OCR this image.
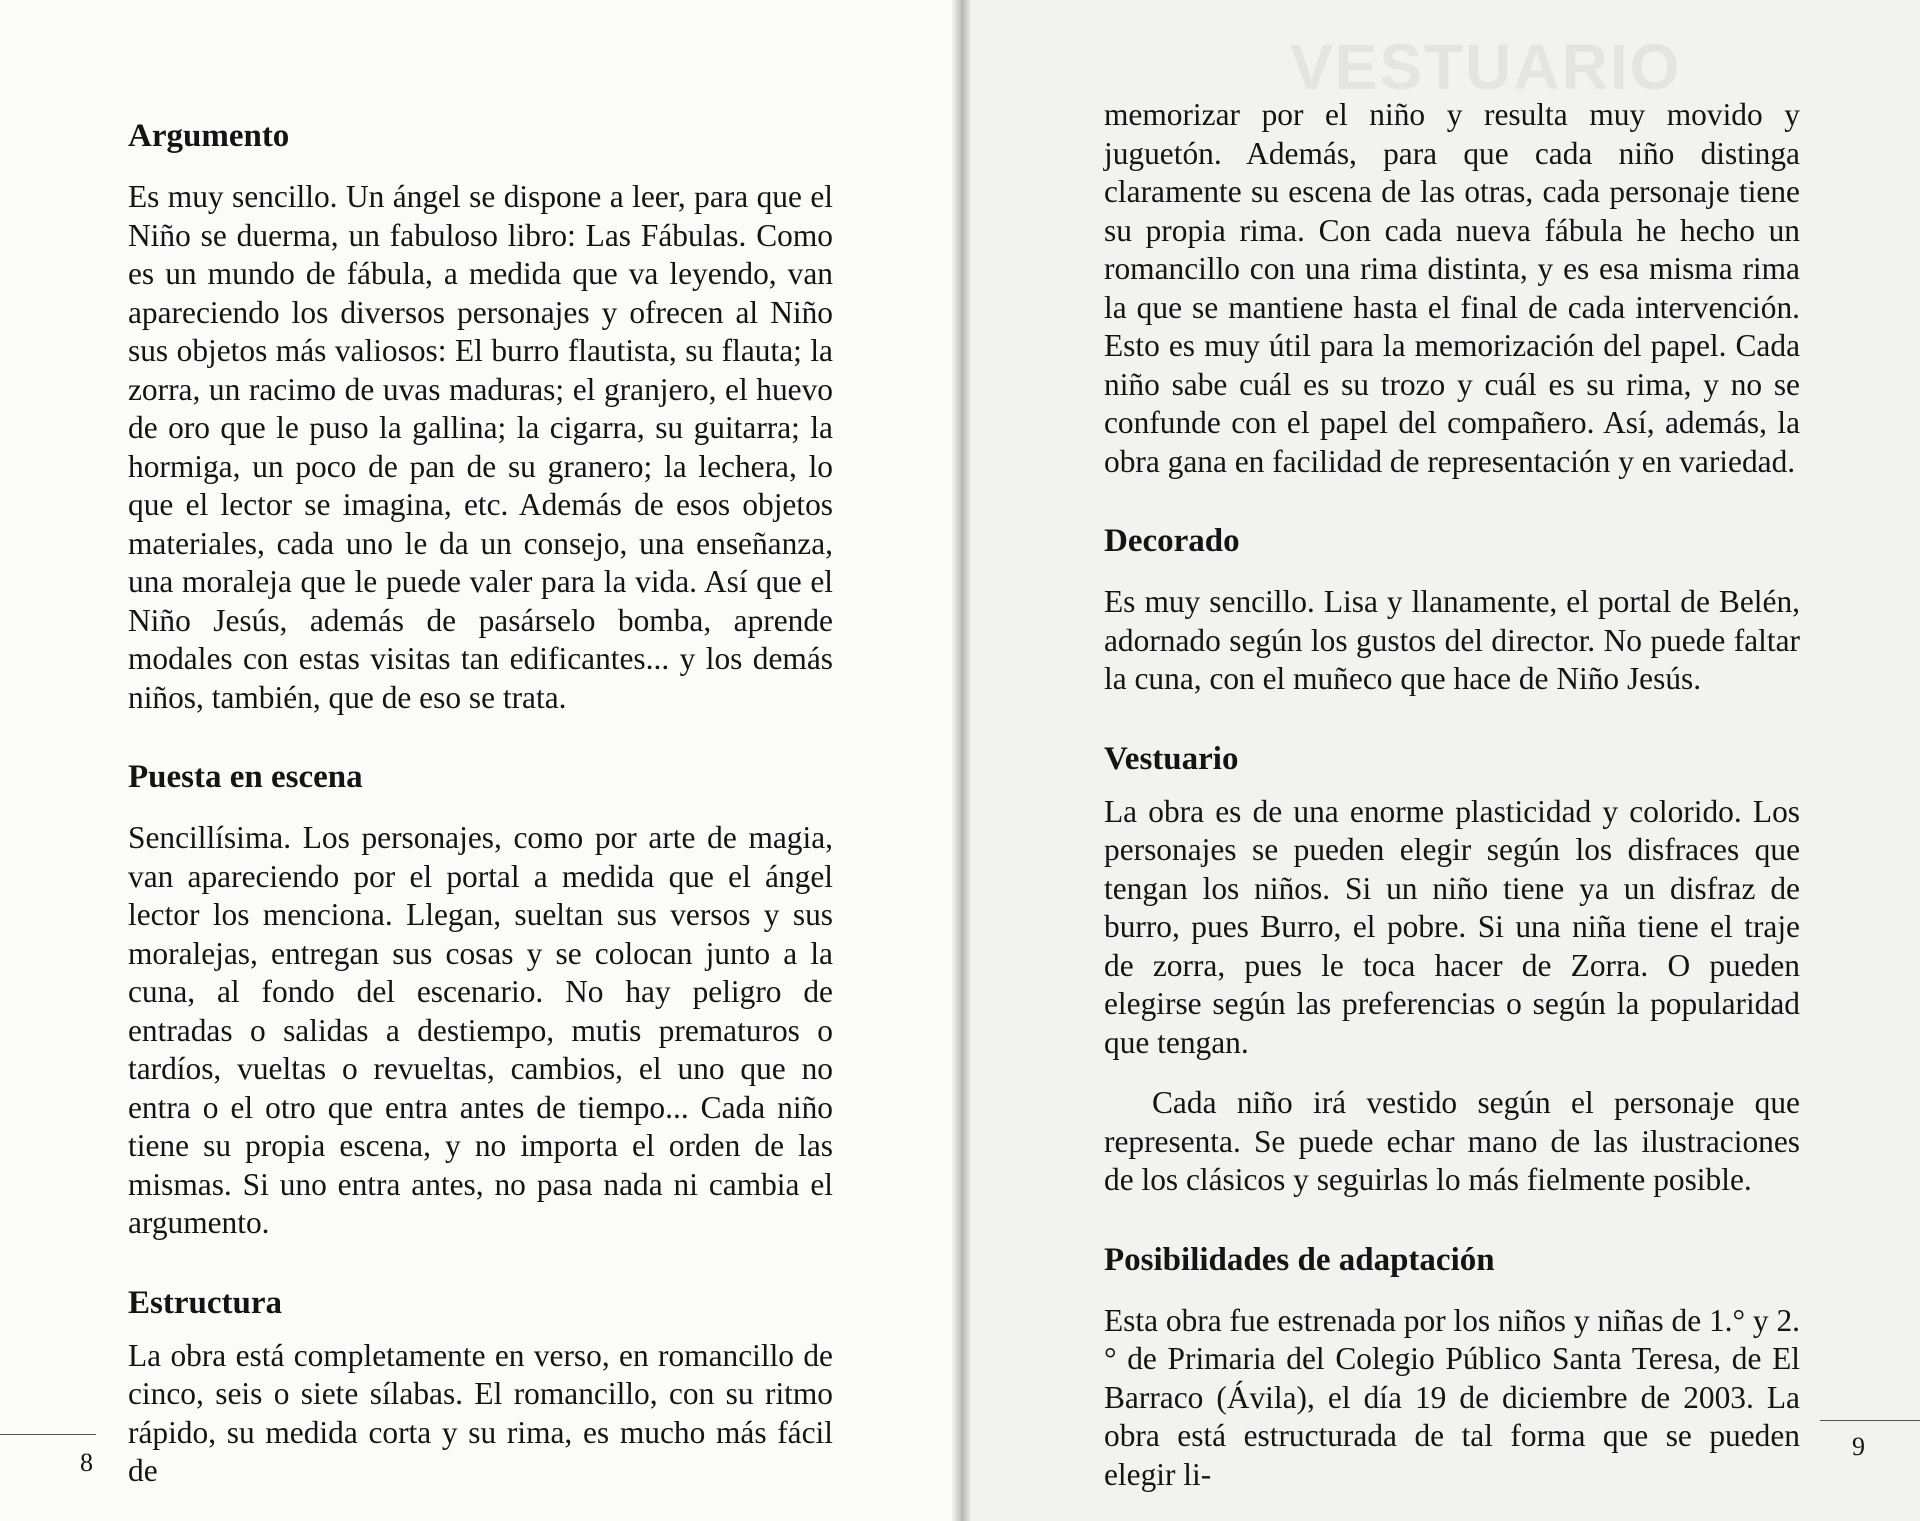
Argumento

Es muy sencillo. Un ángel se dispone a leer, para que el Niño se duerma, un fabuloso libro: Las Fábulas. Como es un mundo de fábula, a medida que va leyendo, van apareciendo los diversos personajes y ofrecen al Niño sus objetos más valiosos: El burro flautista, su flauta; la zorra, un racimo de uvas maduras; el granjero, el huevo de oro que le puso la gallina; la cigarra, su guitarra; la hormiga, un poco de pan de su granero; la lechera, lo que el lector se imagina, etc. Además de esos objetos materiales, cada uno le da un consejo, una enseñanza, una moraleja que le puede valer para la vida. Así que el Niño Jesús, además de pasárselo bomba, aprende modales con estas visitas tan edificantes... y los demás niños, también, que de eso se trata.

Puesta en escena

Sencillísima. Los personajes, como por arte de magia, van apareciendo por el portal a medida que el ángel lector los menciona. Llegan, sueltan sus versos y sus moralejas, entregan sus cosas y se colocan junto a la cuna, al fondo del escenario. No hay peligro de entradas o salidas a destiempo, mutis prematuros o tardíos, vueltas o revueltas, cambios, el uno que no entra o el otro que entra antes de tiempo... Cada niño tiene su propia escena, y no importa el orden de las mismas. Si uno entra antes, no pasa nada ni cambia el argumento.

Estructura

La obra está completamente en verso, en romancillo de cinco, seis o siete sílabas. El romancillo, con su ritmo rápido, su medida corta y su rima, es mucho más fácil de

8
VESTUARIO

memorizar por el niño y resulta muy movido y juguetón. Además, para que cada niño distinga claramente su escena de las otras, cada personaje tiene su propia rima. Con cada nueva fábula he hecho un romancillo con una rima distinta, y es esa misma rima la que se mantiene hasta el final de cada intervención. Esto es muy útil para la memorización del papel. Cada niño sabe cuál es su trozo y cuál es su rima, y no se confunde con el papel del compañero. Así, además, la obra gana en facilidad de representación y en variedad.

Decorado

Es muy sencillo. Lisa y llanamente, el portal de Belén, adornado según los gustos del director. No puede faltar la cuna, con el muñeco que hace de Niño Jesús.

Vestuario

La obra es de una enorme plasticidad y colorido. Los personajes se pueden elegir según los disfraces que tengan los niños. Si un niño tiene ya un disfraz de burro, pues Burro, el pobre. Si una niña tiene el traje de zorra, pues le toca hacer de Zorra. O pueden elegirse según las preferencias o según la popularidad que tengan.

Cada niño irá vestido según el personaje que representa. Se puede echar mano de las ilustraciones de los clásicos y seguirlas lo más fielmente posible.

Posibilidades de adaptación

Esta obra fue estrenada por los niños y niñas de 1.° y 2.° de Primaria del Colegio Público Santa Teresa, de El Barraco (Ávila), el día 19 de diciembre de 2003. La obra está estructurada de tal forma que se pueden elegir li-

9
